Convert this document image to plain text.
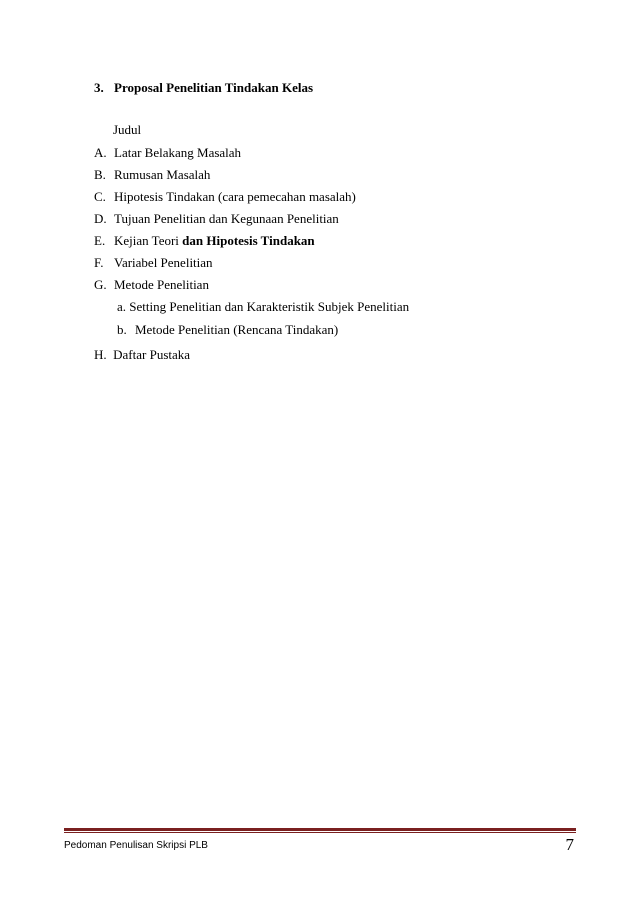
3. Proposal Penelitian Tindakan Kelas
Judul
A. Latar Belakang Masalah
B. Rumusan Masalah
C. Hipotesis Tindakan (cara pemecahan masalah)
D. Tujuan Penelitian dan Kegunaan Penelitian
E. Kejian Teori dan Hipotesis Tindakan
F. Variabel Penelitian
G. Metode Penelitian
a. Setting Penelitian dan Karakteristik Subjek Penelitian
b. Metode Penelitian (Rencana Tindakan)
H. Daftar Pustaka
Pedoman Penulisan Skripsi PLB	7
